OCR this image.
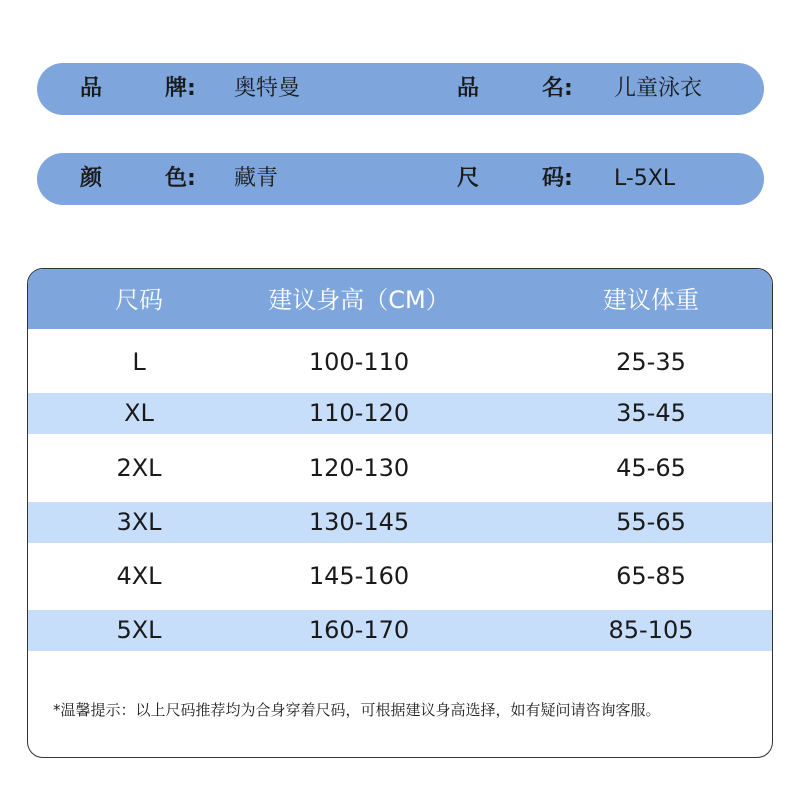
品	牌: 奥特曼	品	名: 儿童泳衣
颜	色: 藏青	尺	码: L-5XL
尺码	建议身高（CM）	建议体重
L	100-110	25-35
XL	110-120	35-45
2XL	120-130	45-65
3XL	130-145	55-65
4XL	145-160	65-85
5XL	160-170	85-105
*温馨提示：以上尺码推荐均为合身穿着尺码，可根据建议身高选择，如有疑问请咨询客服。
